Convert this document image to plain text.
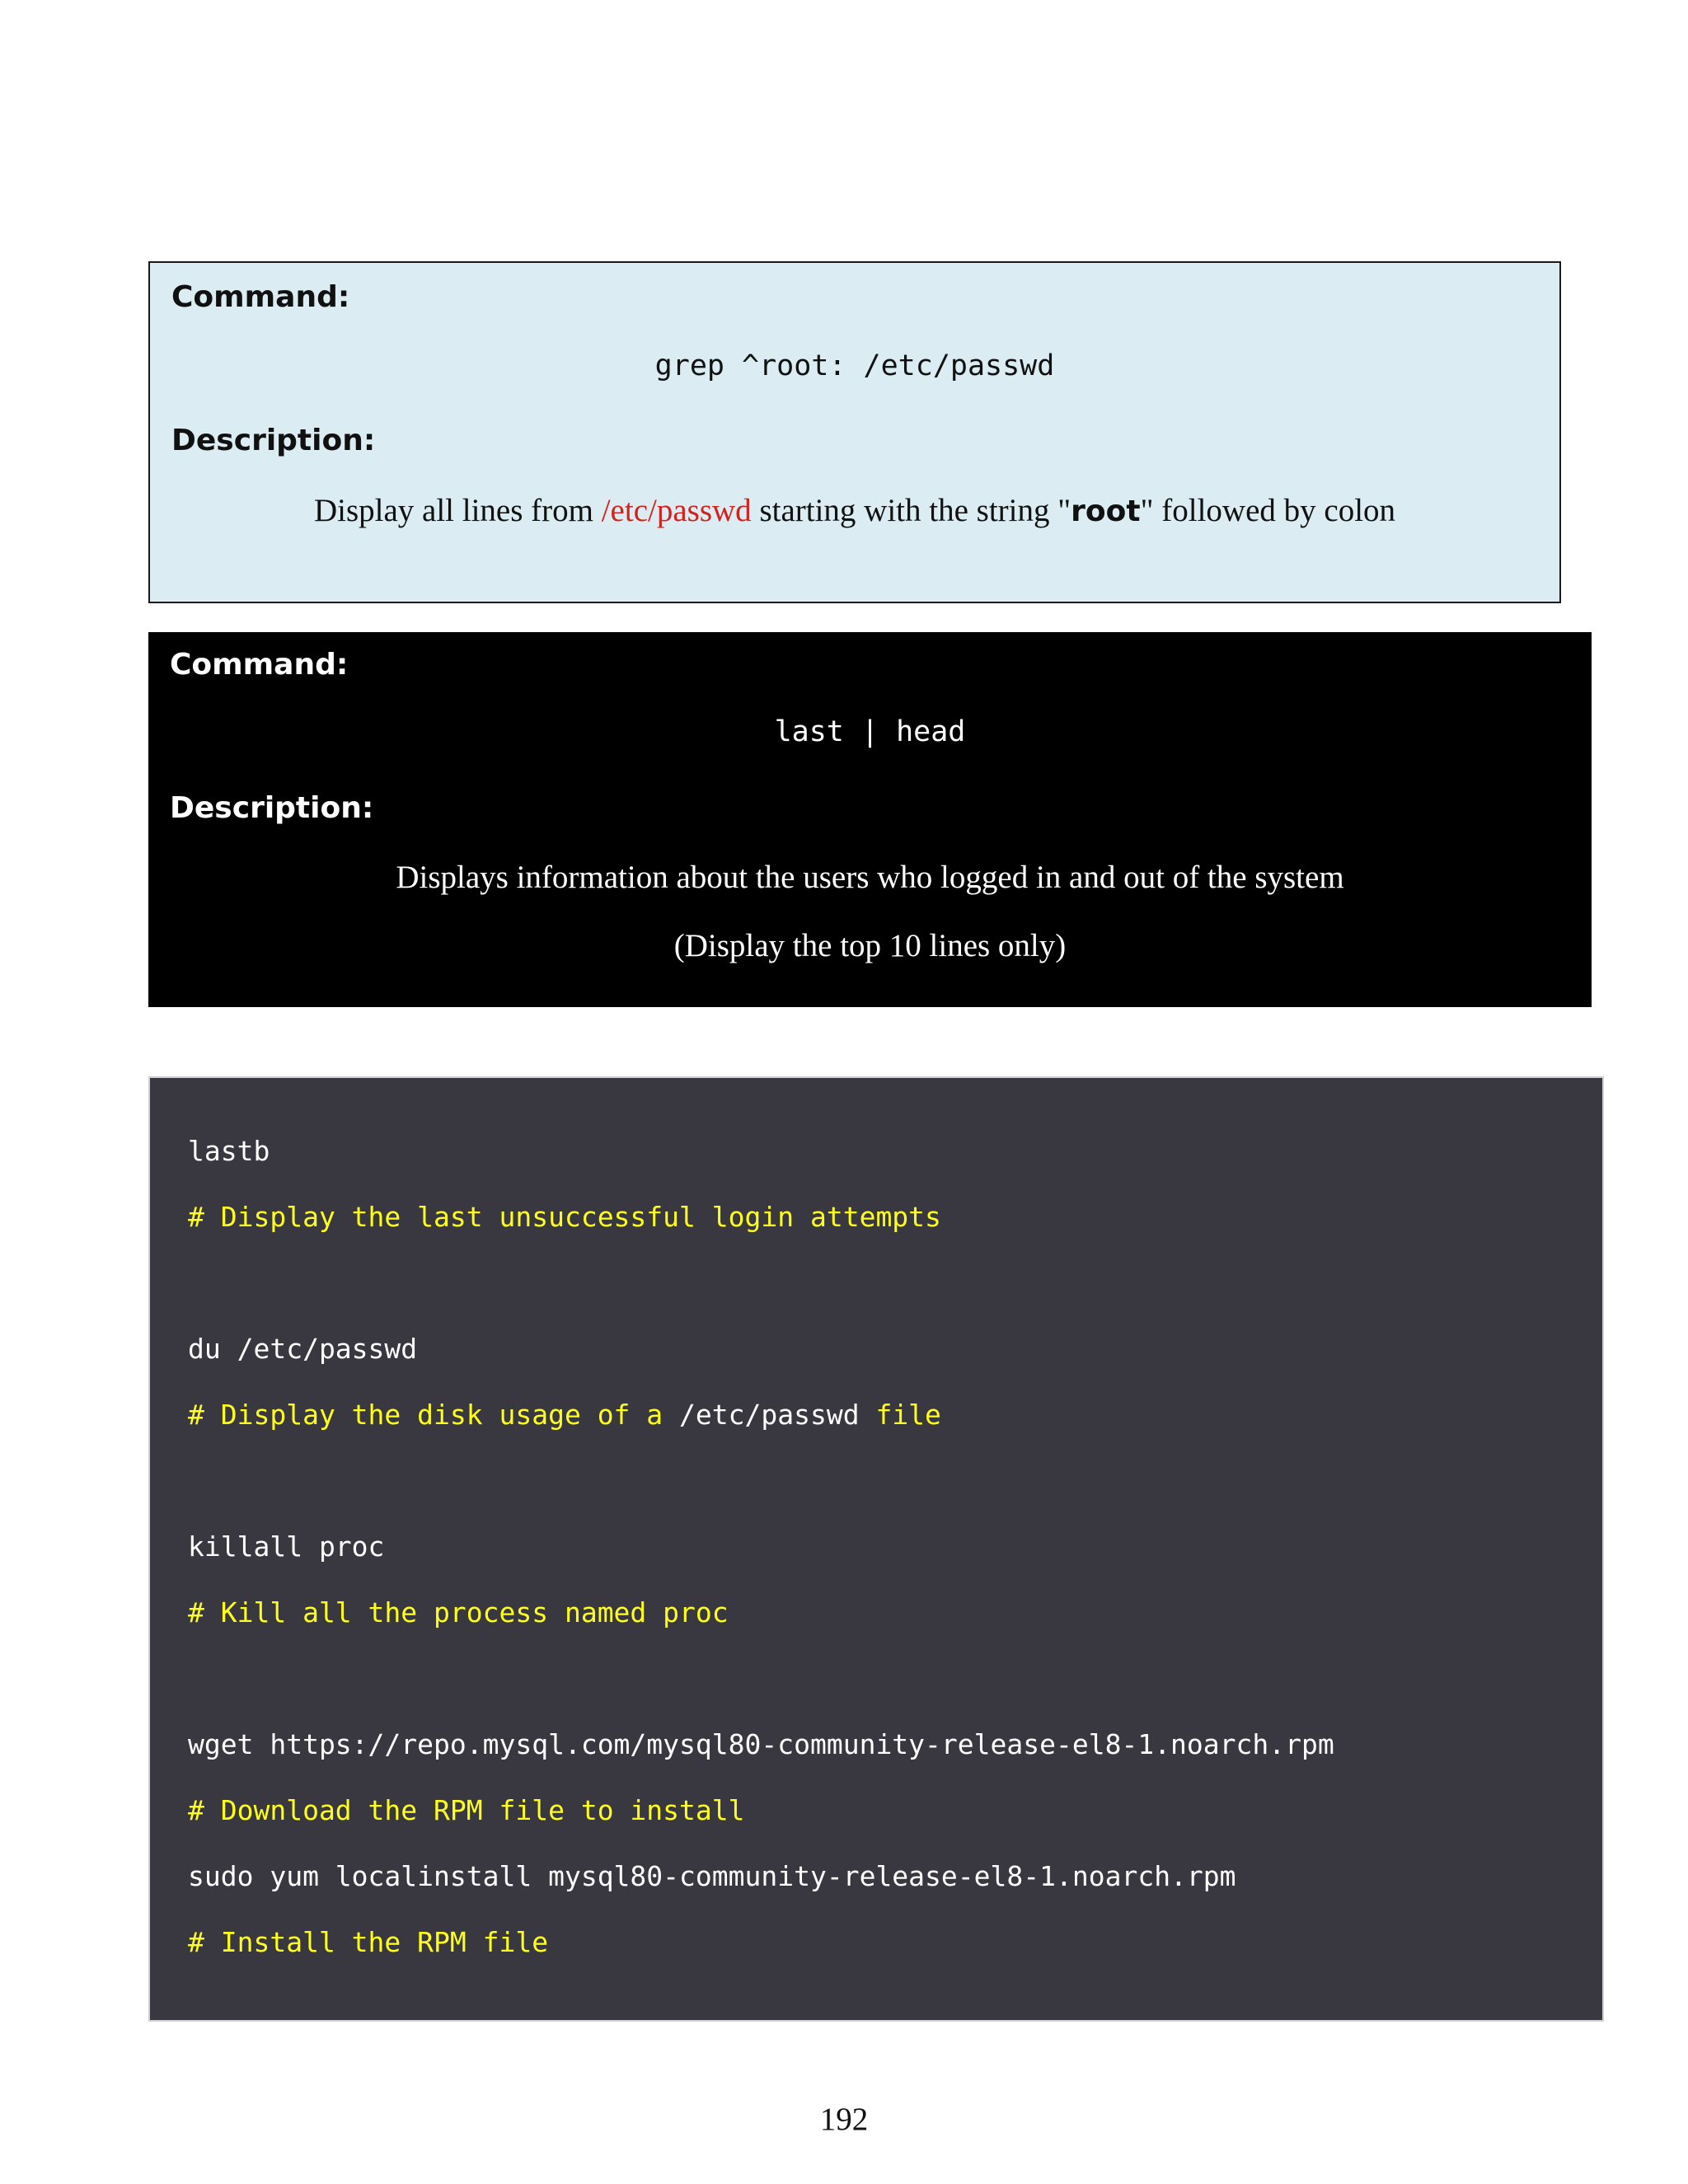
Command:

grep ^root: /etc/passwd

Description:

Display all lines from /etc/passwd starting with the string "root" followed by colon

Command:

last | head

Description:

Displays information about the users who logged in and out of the system

(Display the top 10 lines only)

lastb

# Display the last unsuccessful login attempts

du /etc/passwd

# Display the disk usage of a /etc/passwd file

killall proc

# Kill all the process named proc

wget https://repo.mysql.com/mysql80-community-release-el8-1.noarch.rpm

# Download the RPM file to install

sudo yum localinstall mysql80-community-release-el8-1.noarch.rpm

# Install the RPM file

192
